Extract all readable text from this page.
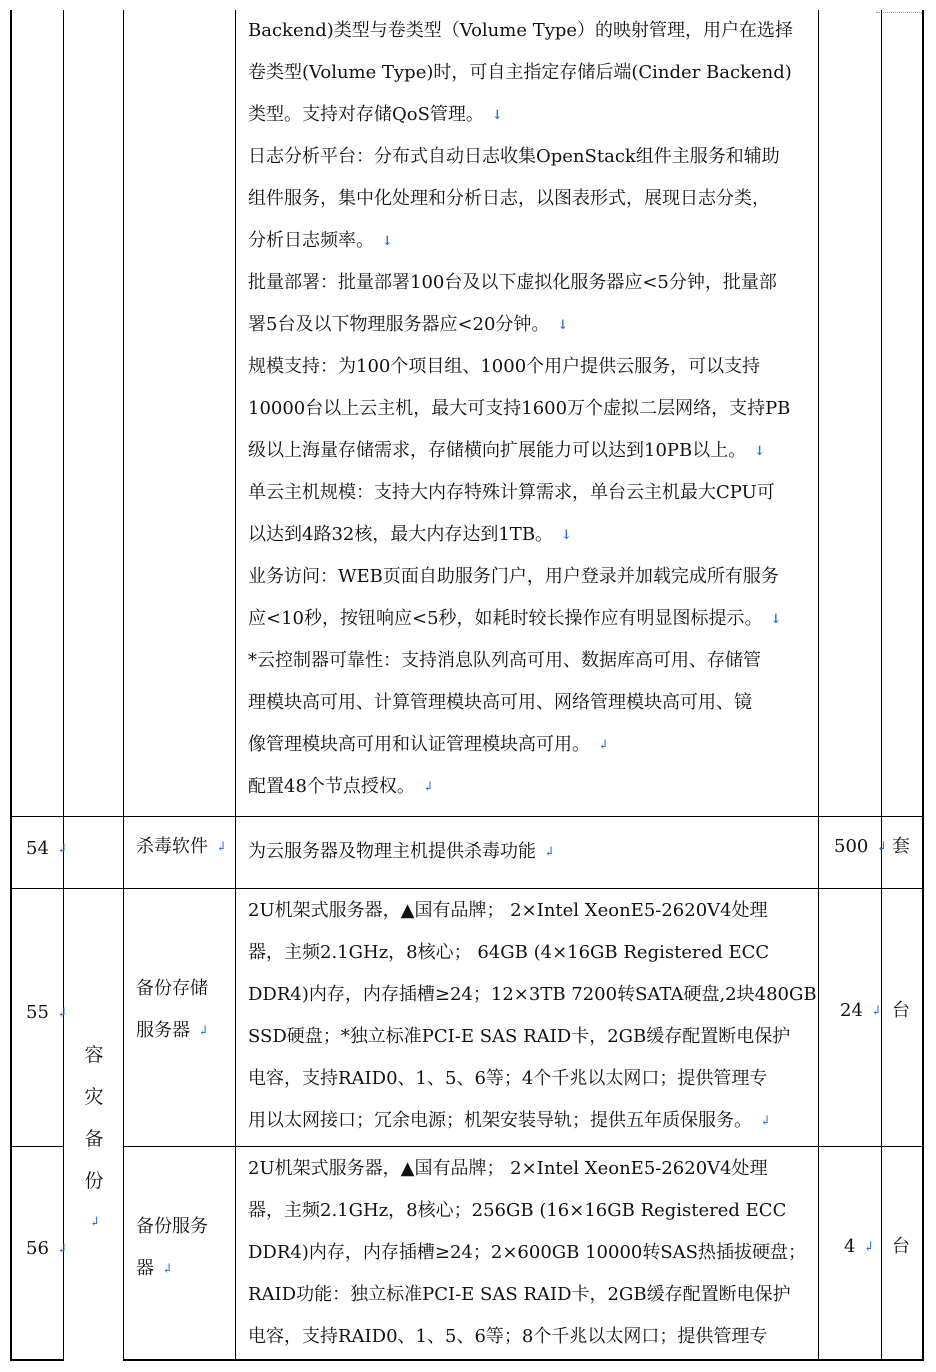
Backend)类型与卷类型（Volume Type）的映射管理，用户在选择
卷类型(Volume Type)时，可自主指定存储后端(Cinder Backend)
类型。支持对存储QoS管理。 ↓
日志分析平台：分布式自动日志收集OpenStack组件主服务和辅助
组件服务，集中化处理和分析日志，以图表形式，展现日志分类，
分析日志频率。 ↓
批量部署：批量部署100台及以下虚拟化服务器应<5分钟，批量部
署5台及以下物理服务器应<20分钟。 ↓
规模支持：为100个项目组、1000个用户提供云服务，可以支持
10000台以上云主机，最大可支持1600万个虚拟二层网络，支持PB
级以上海量存储需求，存储横向扩展能力可以达到10PB以上。 ↓
单云主机规模：支持大内存特殊计算需求，单台云主机最大CPU可
以达到4路32核，最大内存达到1TB。 ↓
业务访问：WEB页面自助服务门户，用户登录并加载完成所有服务
应<10秒，按钮响应<5秒，如耗时较长操作应有明显图标提示。 ↓
*云控制器可靠性：支持消息队列高可用、数据库高可用、存储管
理模块高可用、计算管理模块高可用、网络管理模块高可用、镜
像管理模块高可用和认证管理模块高可用。 ↲
配置48个节点授权。 ↲
54 ↲	杀毒软件 ↲ 为云服务器及物理主机提供杀毒功能 ↲	500 ↲ 套
55 ↲
备份存储
服务器 ↲
2U机架式服务器，▲国有品牌； 2×Intel XeonE5-2620V4处理
器，主频2.1GHz，8核心； 64GB (4×16GB Registered ECC
DDR4)内存，内存插槽≥24；12×3TB 7200转SATA硬盘,2块480GB
SSD硬盘；*独立标准PCI-E SAS RAID卡，2GB缓存配置断电保护
电容，支持RAID0、1、5、6等；4个千兆以太网口；提供管理专
用以太网接口；冗余电源；机架安装导轨；提供五年质保服务。 ↲
24 ↲ 台
容
灾
备
份
↲
56 ↲
备份服务
器 ↲
2U机架式服务器，▲国有品牌； 2×Intel XeonE5-2620V4处理
器，主频2.1GHz，8核心；256GB (16×16GB Registered ECC
DDR4)内存，内存插槽≥24；2×600GB 10000转SAS热插拔硬盘；
RAID功能：独立标准PCI-E SAS RAID卡，2GB缓存配置断电保护
电容，支持RAID0、1、5、6等；8个千兆以太网口；提供管理专
4 ↲ 台
